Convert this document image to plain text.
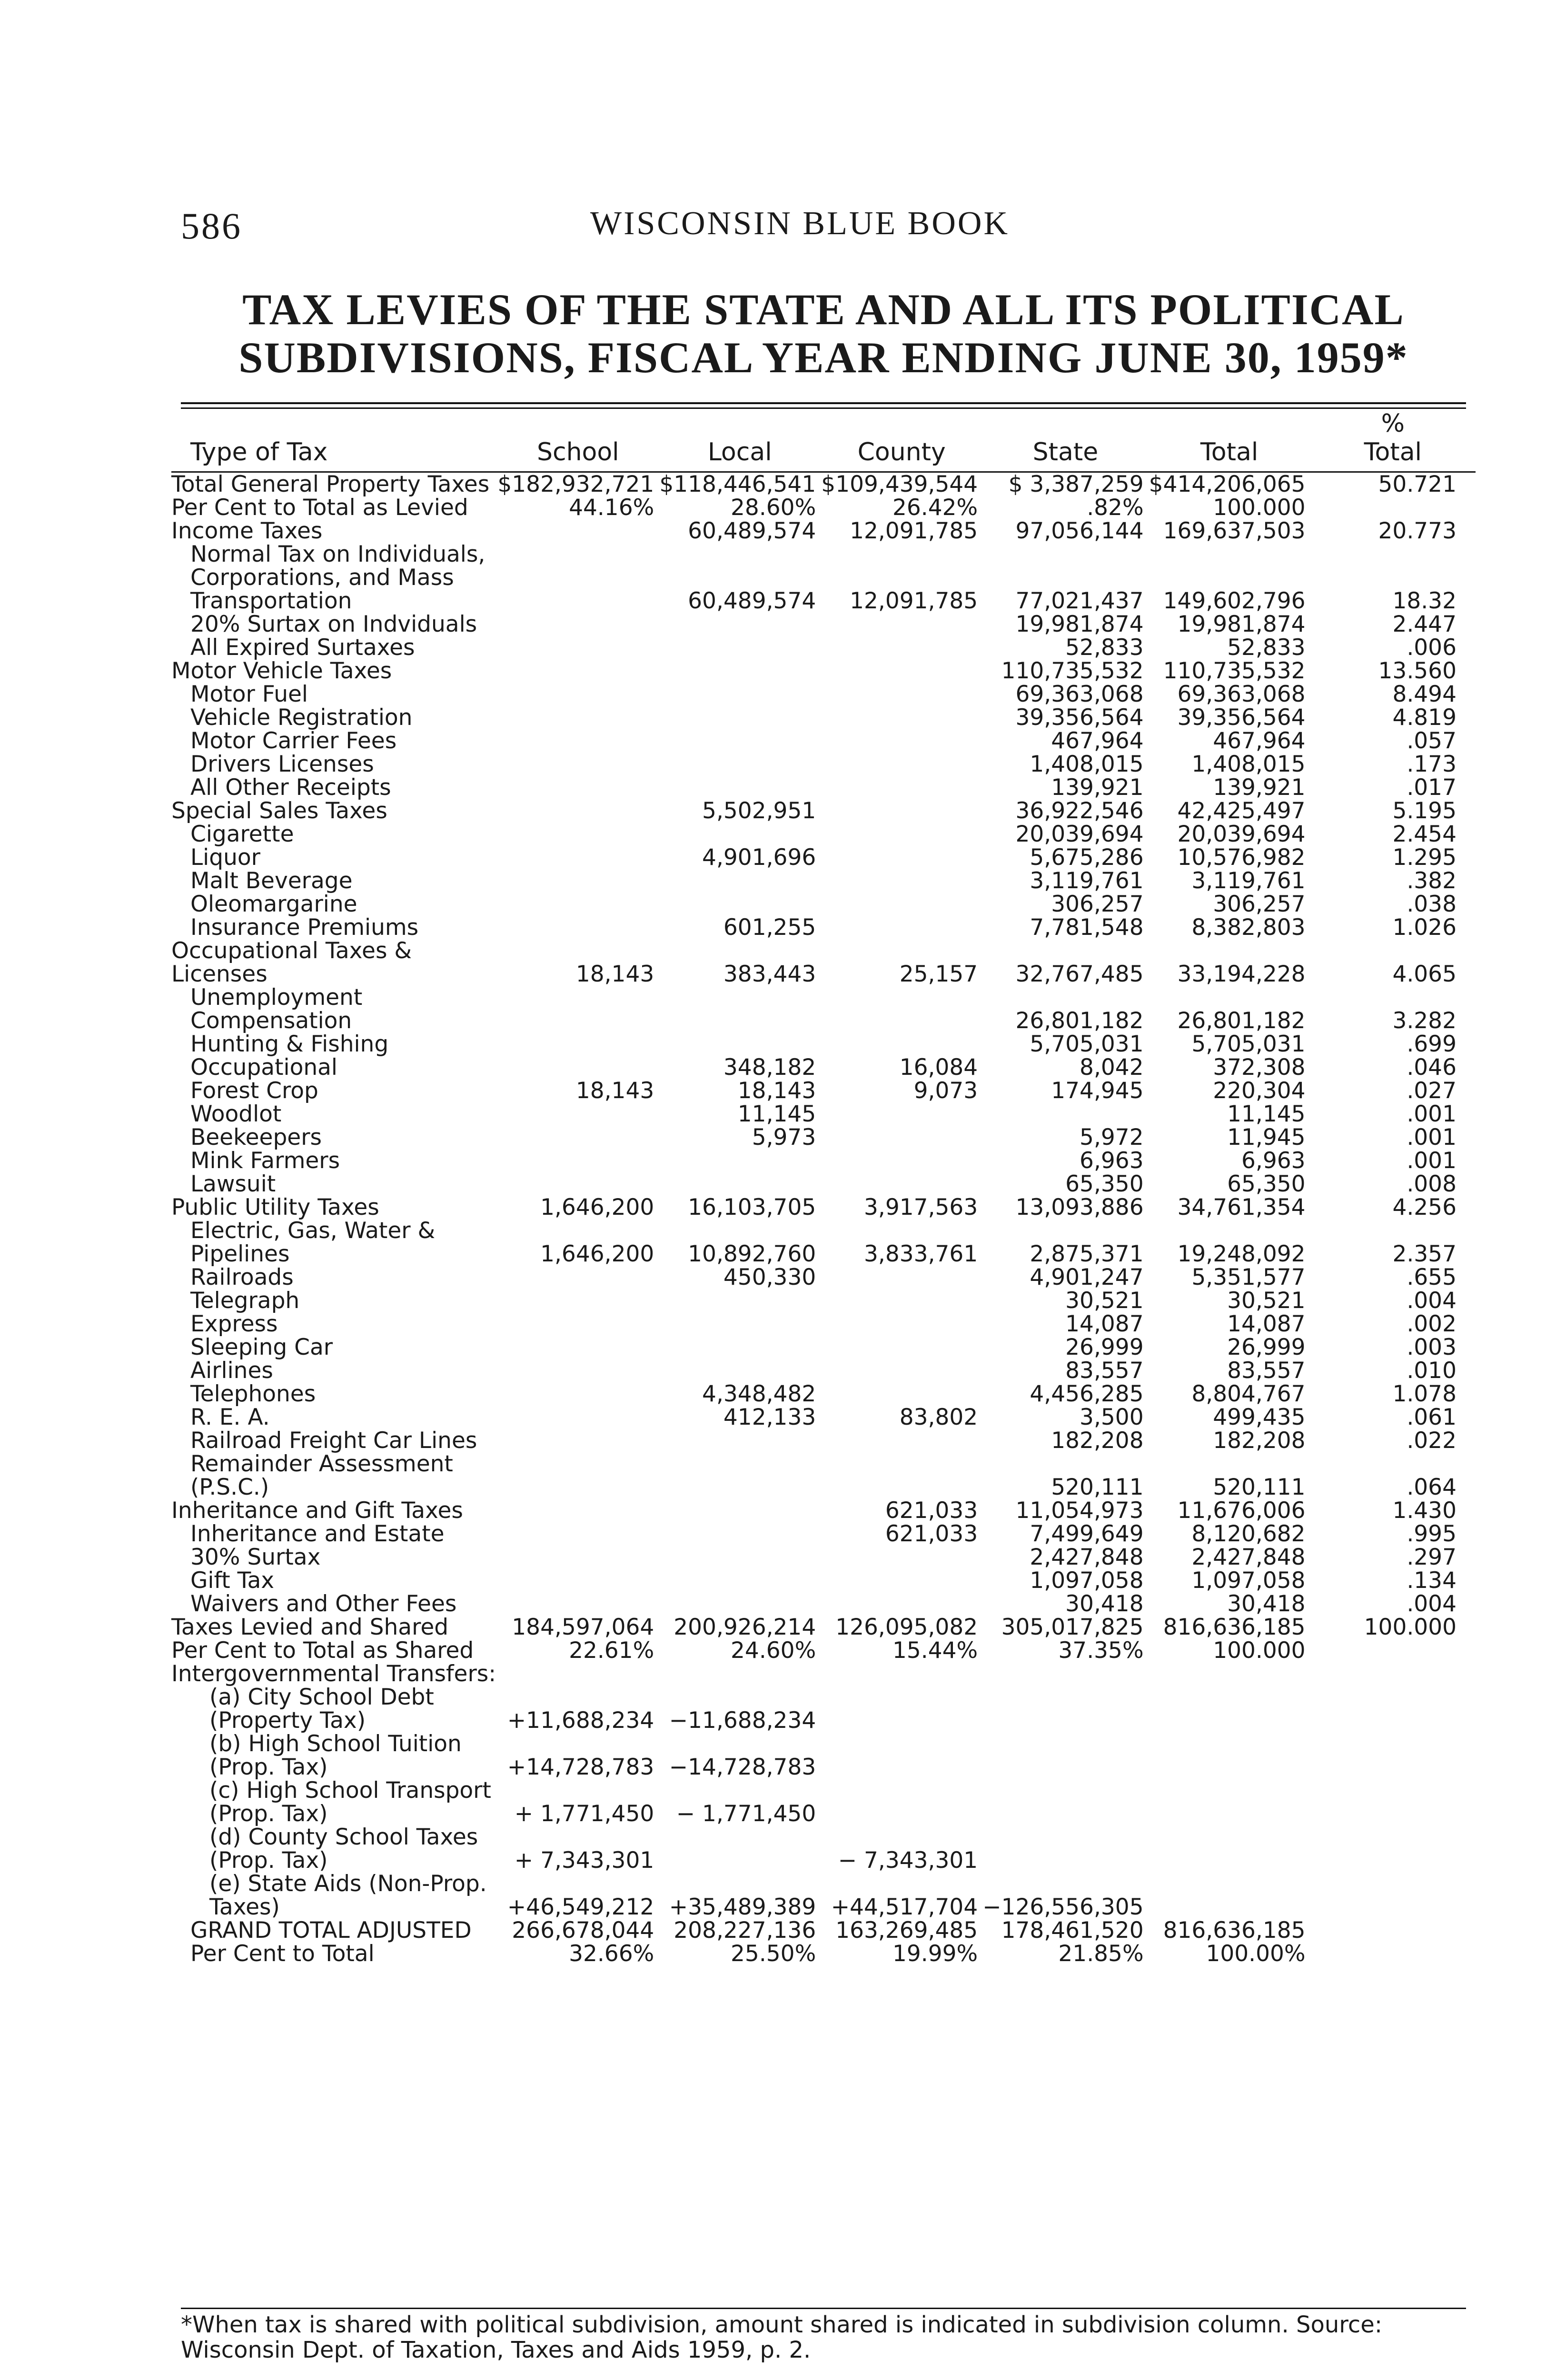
586	WISCONSIN BLUE BOOK
TAX LEVIES OF THE STATE AND ALL ITS POLITICAL
SUBDIVISIONS, FISCAL YEAR ENDING JUNE 30, 1959*
Type of Tax	School	Local	County	State	Total	%
Total

Total General Property Taxes	$182,932,721	$118,446,541	$109,439,544	$ 3,387,259	$414,206,065	50.721
Per Cent to Total as Levied	44.16%	28.60%	26.42%	.82%	100.000	
Income Taxes		60,489,574	12,091,785	97,056,144	169,637,503	20.773
Normal Tax on Individuals, Corporations, and Mass Transportation		60,489,574	12,091,785	77,021,437	149,602,796	18.32
20% Surtax on Indviduals				19,981,874	19,981,874	2.447
All Expired Surtaxes				52,833	52,833	.006
Motor Vehicle Taxes				110,735,532	110,735,532	13.560
Motor Fuel				69,363,068	69,363,068	8.494
Vehicle Registration				39,356,564	39,356,564	4.819
Motor Carrier Fees				467,964	467,964	.057
Drivers Licenses				1,408,015	1,408,015	.173
All Other Receipts				139,921	139,921	.017
Special Sales Taxes		5,502,951		36,922,546	42,425,497	5.195
Cigarette				20,039,694	20,039,694	2.454
Liquor		4,901,696		5,675,286	10,576,982	1.295
Malt Beverage				3,119,761	3,119,761	.382
Oleomargarine				306,257	306,257	.038
Insurance Premiums		601,255		7,781,548	8,382,803	1.026
Occupational Taxes & Licenses	18,143	383,443	25,157	32,767,485	33,194,228	4.065
Unemployment Compensation				26,801,182	26,801,182	3.282
Hunting & Fishing				5,705,031	5,705,031	.699
Occupational		348,182	16,084	8,042	372,308	.046
Forest Crop	18,143	18,143	9,073	174,945	220,304	.027
Woodlot		11,145			11,145	.001
Beekeepers		5,973		5,972	11,945	.001
Mink Farmers				6,963	6,963	.001
Lawsuit				65,350	65,350	.008
Public Utility Taxes	1,646,200	16,103,705	3,917,563	13,093,886	34,761,354	4.256
Electric, Gas, Water & Pipelines	1,646,200	10,892,760	3,833,761	2,875,371	19,248,092	2.357
Railroads		450,330		4,901,247	5,351,577	.655
Telegraph				30,521	30,521	.004
Express				14,087	14,087	.002
Sleeping Car				26,999	26,999	.003
Airlines				83,557	83,557	.010
Telephones		4,348,482		4,456,285	8,804,767	1.078
R. E. A.		412,133	83,802	3,500	499,435	.061
Railroad Freight Car Lines				182,208	182,208	.022
Remainder Assessment (P.S.C.)				520,111	520,111	.064
Inheritance and Gift Taxes			621,033	11,054,973	11,676,006	1.430
Inheritance and Estate			621,033	7,499,649	8,120,682	.995
30% Surtax				2,427,848	2,427,848	.297
Gift Tax				1,097,058	1,097,058	.134
Waivers and Other Fees				30,418	30,418	.004
Taxes Levied and Shared	184,597,064	200,926,214	126,095,082	305,017,825	816,636,185	100.000
Per Cent to Total as Shared	22.61%	24.60%	15.44%	37.35%	100.000	
Intergovernmental Transfers:						
(a) City School Debt (Property Tax)	+11,688,234	−11,688,234				
(b) High School Tuition (Prop. Tax)	+14,728,783	−14,728,783				
(c) High School Transport (Prop. Tax)	+ 1,771,450	− 1,771,450				
(d) County School Taxes (Prop. Tax)	+ 7,343,301		− 7,343,301			
(e) State Aids (Non-Prop. Taxes)	+46,549,212	+35,489,389	+44,517,704	−126,556,305		
GRAND TOTAL ADJUSTED	266,678,044	208,227,136	163,269,485	178,461,520	816,636,185	
Per Cent to Total	32.66%	25.50%	19.99%	21.85%	100.00%	
*When tax is shared with political subdivision, amount shared is indicated in subdivision column. Source: Wisconsin Dept. of Taxation, Taxes and Aids 1959, p. 2.
